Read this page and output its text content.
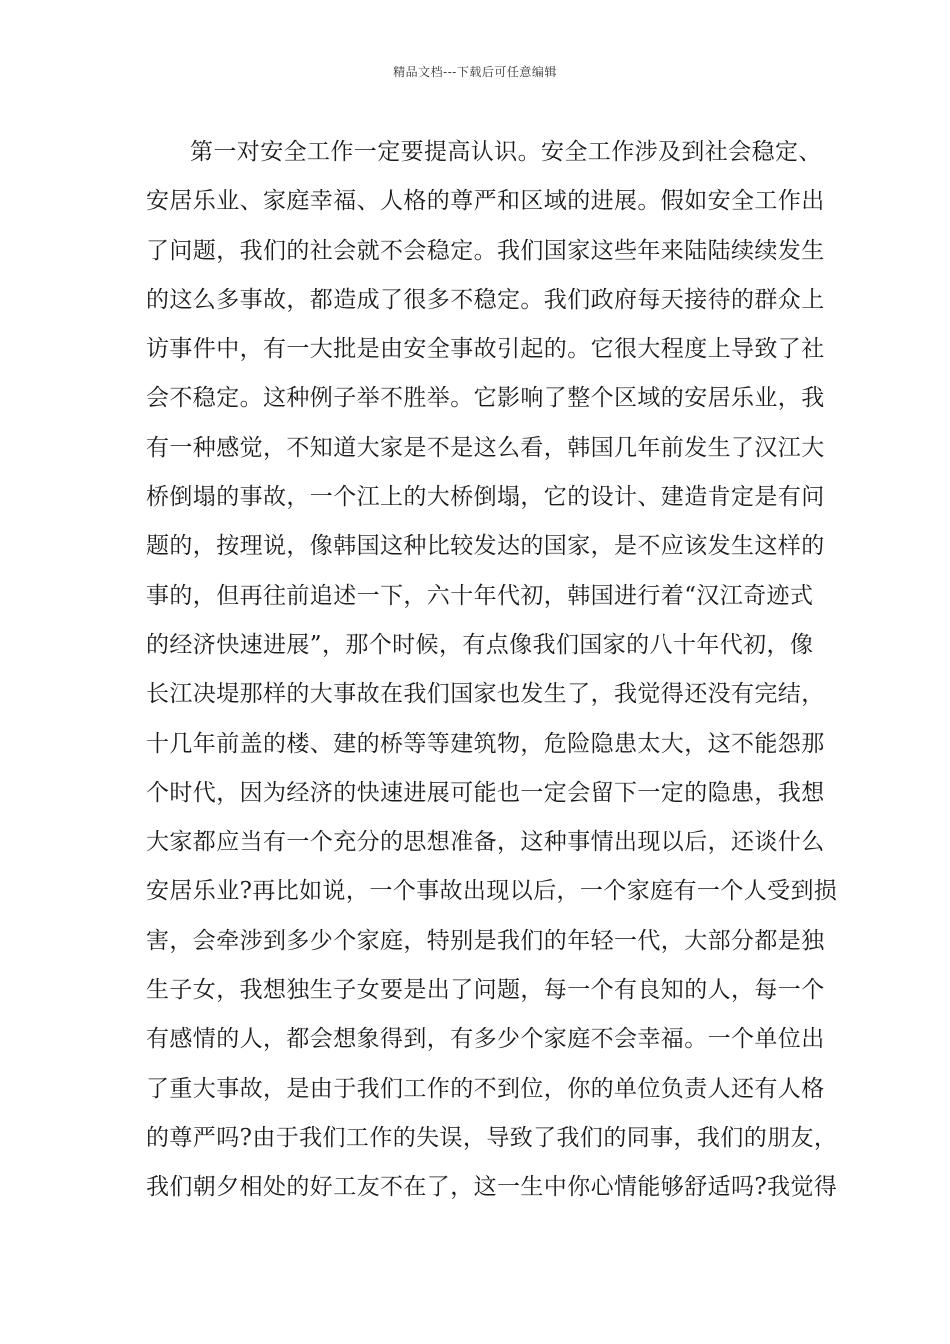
精品文档---下载后可任意编辑
第一对安全工作一定要提高认识。安全工作涉及到社会稳定、
安居乐业、家庭幸福、人格的尊严和区域的进展。假如安全工作出
了问题，我们的社会就不会稳定。我们国家这些年来陆陆续续发生
的这么多事故，都造成了很多不稳定。我们政府每天接待的群众上
访事件中，有一大批是由安全事故引起的。它很大程度上导致了社
会不稳定。这种例子举不胜举。它影响了整个区域的安居乐业，我
有一种感觉，不知道大家是不是这么看，韩国几年前发生了汉江大
桥倒塌的事故，一个江上的大桥倒塌，它的设计、建造肯定是有问
题的，按理说，像韩国这种比较发达的国家，是不应该发生这样的
事的，但再往前追述一下，六十年代初，韩国进行着“汉江奇迹式
的经济快速进展”，那个时候，有点像我们国家的八十年代初，像
长江决堤那样的大事故在我们国家也发生了，我觉得还没有完结，
十几年前盖的楼、建的桥等等建筑物，危险隐患太大，这不能怨那
个时代，因为经济的快速进展可能也一定会留下一定的隐患，我想
大家都应当有一个充分的思想准备，这种事情出现以后，还谈什么
安居乐业?再比如说，一个事故出现以后，一个家庭有一个人受到损
害，会牵涉到多少个家庭，特别是我们的年轻一代，大部分都是独
生子女，我想独生子女要是出了问题，每一个有良知的人，每一个
有感情的人，都会想象得到，有多少个家庭不会幸福。一个单位出
了重大事故，是由于我们工作的不到位，你的单位负责人还有人格
的尊严吗?由于我们工作的失误，导致了我们的同事，我们的朋友，
我们朝夕相处的好工友不在了，这一生中你心情能够舒适吗?我觉得
